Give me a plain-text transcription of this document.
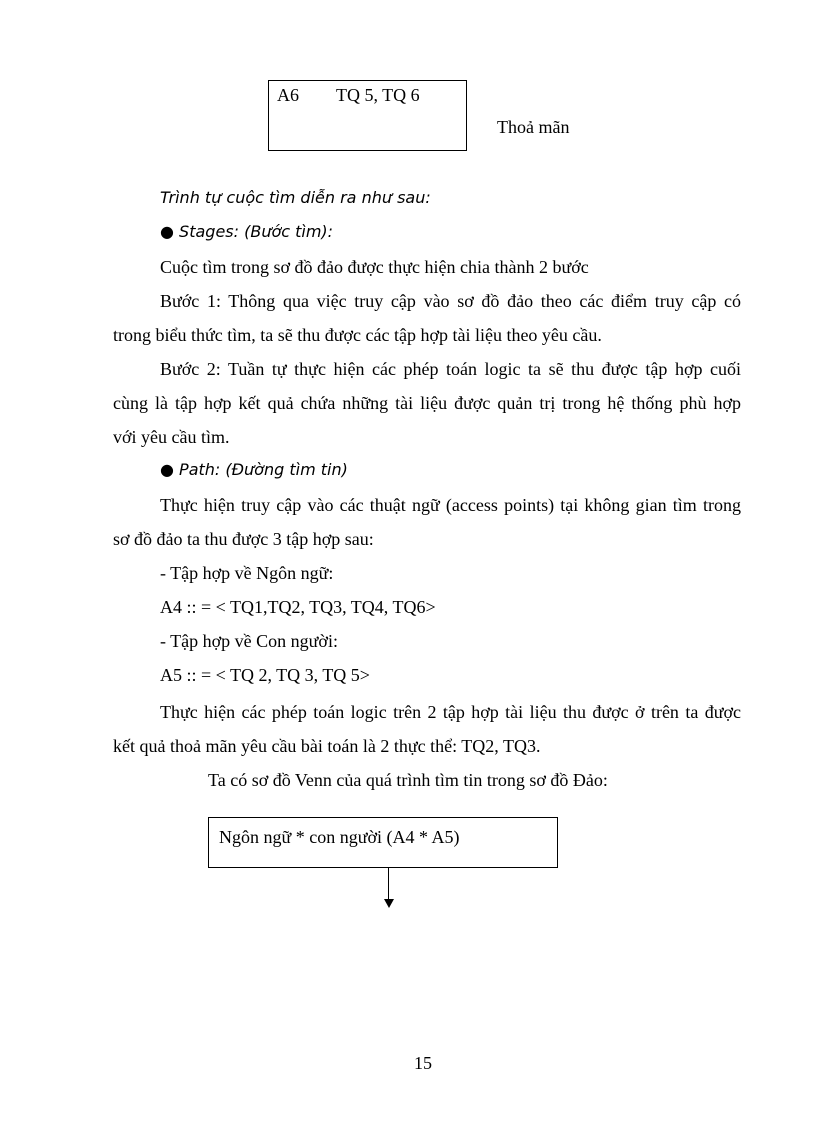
A6 TQ 5, TQ 6
Thoả mãn
Trình tự cuộc tìm diễn ra như sau:
● Stages: (Bước tìm):
Cuộc tìm trong sơ đồ đảo được thực hiện chia thành 2 bước
Bước 1: Thông qua việc truy cập vào sơ đồ đảo theo các điểm truy cập có
trong biểu thức tìm, ta sẽ thu được các tập hợp tài liệu theo yêu cầu.
Bước 2: Tuần tự thực hiện các phép toán logic ta sẽ thu được tập hợp cuối
cùng là tập hợp kết quả chứa những tài liệu được quản trị trong hệ thống phù hợp
với yêu cầu tìm.
● Path: (Đường tìm tin)
Thực hiện truy cập vào các thuật ngữ (access points) tại không gian tìm trong
sơ đồ đảo ta thu được 3 tập hợp sau:
- Tập hợp về Ngôn ngữ:
A4 :: = < TQ1,TQ2, TQ3, TQ4, TQ6>
- Tập hợp về Con người:
A5 :: = < TQ 2, TQ 3, TQ 5>
Thực hiện các phép toán logic trên 2 tập hợp tài liệu thu được ở trên ta được
kết quả thoả mãn yêu cầu bài toán là 2 thực thể: TQ2, TQ3.
Ta có sơ đồ Venn của quá trình tìm tin trong sơ đồ Đảo:
Ngôn ngữ * con người (A4 * A5)
15
